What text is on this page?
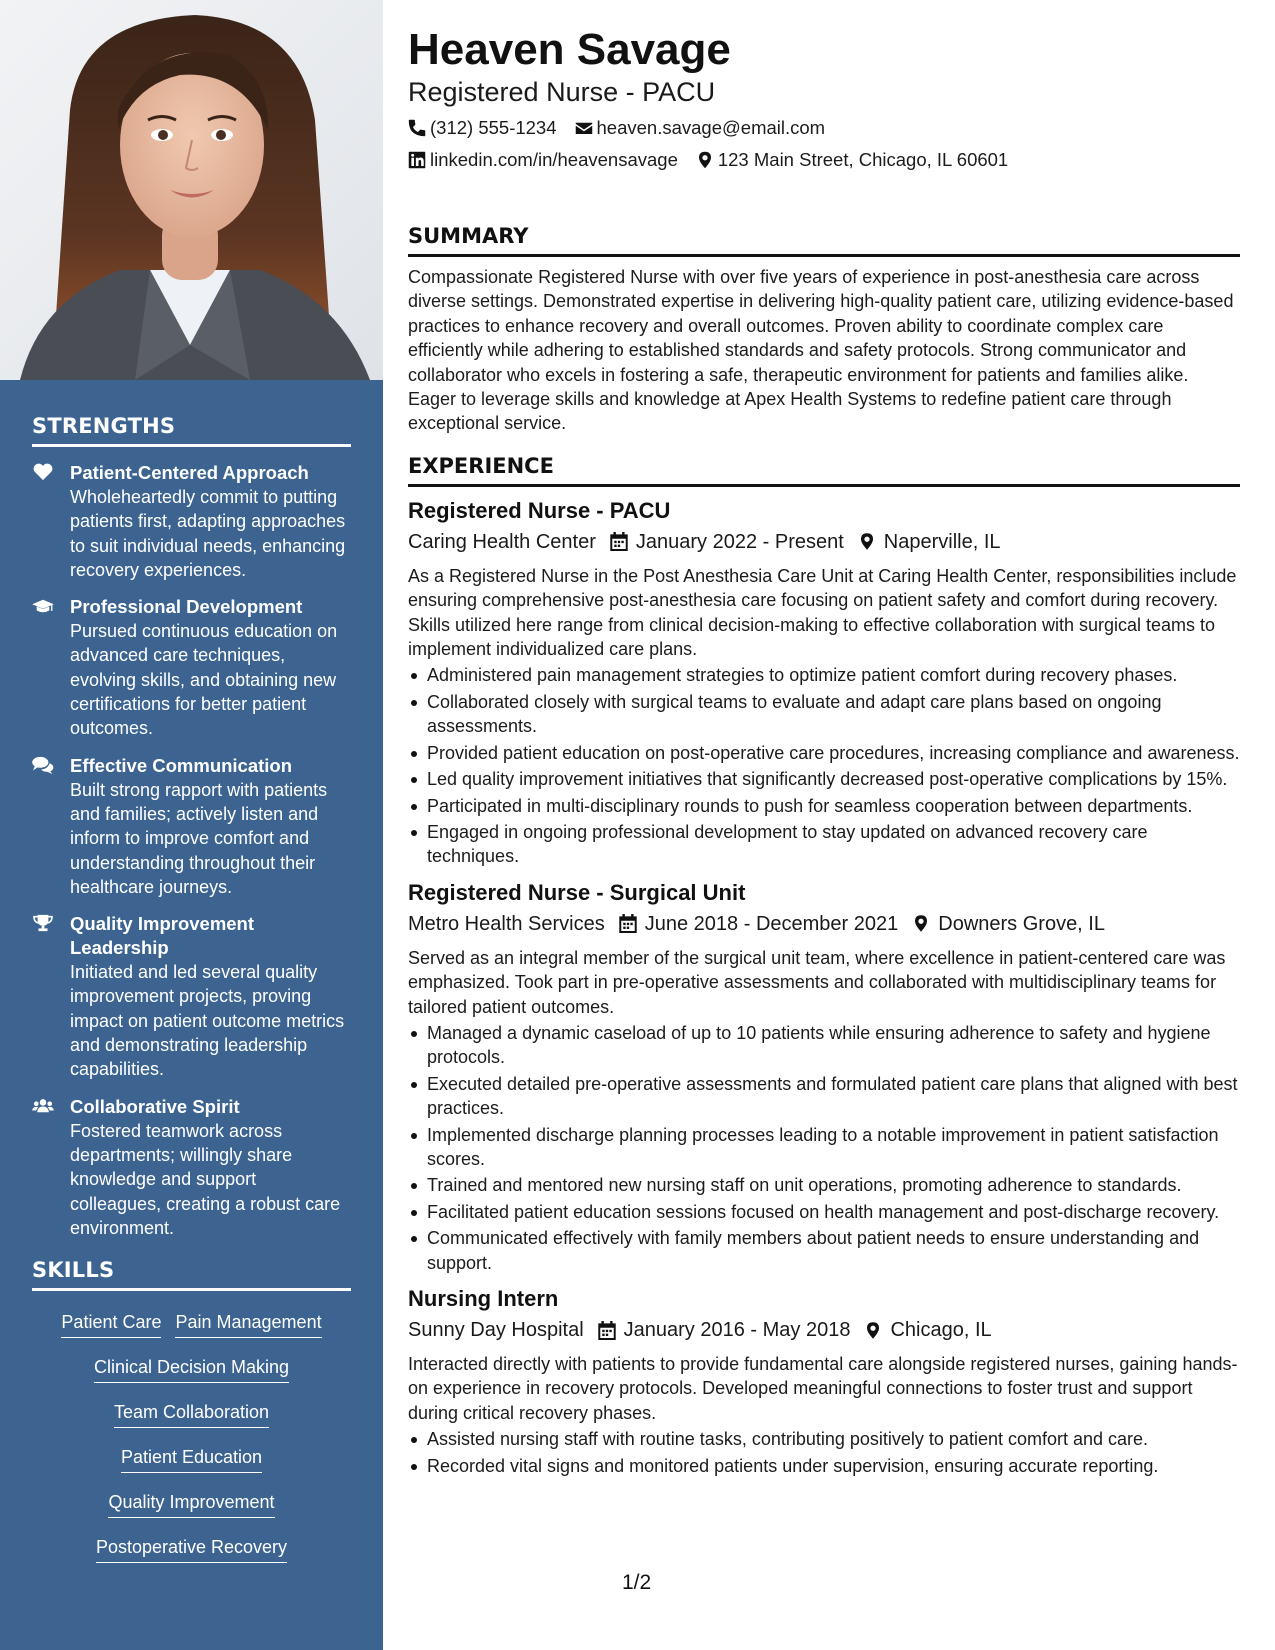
STRENGTHS
Patient-Centered Approach
Wholeheartedly commit to putting patients first, adapting approaches to suit individual needs, enhancing recovery experiences.
Professional Development
Pursued continuous education on advanced care techniques, evolving skills, and obtaining new certifications for better patient outcomes.
Effective Communication
Built strong rapport with patients and families; actively listen and inform to improve comfort and understanding throughout their healthcare journeys.
Quality Improvement Leadership
Initiated and led several quality improvement projects, proving impact on patient outcome metrics and demonstrating leadership capabilities.
Collaborative Spirit
Fostered teamwork across departments; willingly share knowledge and support colleagues, creating a robust care environment.
SKILLS
Patient Care Pain Management
Clinical Decision Making
Team Collaboration
Patient Education
Quality Improvement
Postoperative Recovery
Heaven Savage
Registered Nurse - PACU
(312) 555-1234 heaven.savage@email.com
linkedin.com/in/heavensavage 123 Main Street, Chicago, IL 60601
SUMMARY

Compassionate Registered Nurse with over five years of experience in post-anesthesia care across diverse settings. Demonstrated expertise in delivering high-quality patient care, utilizing evidence-based practices to enhance recovery and overall outcomes. Proven ability to coordinate complex care efficiently while adhering to established standards and safety protocols. Strong communicator and collaborator who excels in fostering a safe, therapeutic environment for patients and families alike. Eager to leverage skills and knowledge at Apex Health Systems to redefine patient care through exceptional service.

EXPERIENCE
Registered Nurse - PACU
Caring Health Center January 2022 - Present Naperville, IL

As a Registered Nurse in the Post Anesthesia Care Unit at Caring Health Center, responsibilities include ensuring comprehensive post-anesthesia care focusing on patient safety and comfort during recovery. Skills utilized here range from clinical decision-making to effective collaboration with surgical teams to implement individualized care plans.

Administered pain management strategies to optimize patient comfort during recovery phases.
Collaborated closely with surgical teams to evaluate and adapt care plans based on ongoing assessments.
Provided patient education on post-operative care procedures, increasing compliance and awareness.
Led quality improvement initiatives that significantly decreased post-operative complications by 15%.
Participated in multi-disciplinary rounds to push for seamless cooperation between departments.
Engaged in ongoing professional development to stay updated on advanced recovery care techniques.
Registered Nurse - Surgical Unit
Metro Health Services June 2018 - December 2021 Downers Grove, IL

Served as an integral member of the surgical unit team, where excellence in patient-centered care was emphasized. Took part in pre-operative assessments and collaborated with multidisciplinary teams for tailored patient outcomes.

Managed a dynamic caseload of up to 10 patients while ensuring adherence to safety and hygiene protocols.
Executed detailed pre-operative assessments and formulated patient care plans that aligned with best practices.
Implemented discharge planning processes leading to a notable improvement in patient satisfaction scores.
Trained and mentored new nursing staff on unit operations, promoting adherence to standards.
Facilitated patient education sessions focused on health management and post-discharge recovery.
Communicated effectively with family members about patient needs to ensure understanding and support.
Nursing Intern
Sunny Day Hospital January 2016 - May 2018 Chicago, IL

Interacted directly with patients to provide fundamental care alongside registered nurses, gaining hands-on experience in recovery protocols. Developed meaningful connections to foster trust and support during critical recovery phases.

Assisted nursing staff with routine tasks, contributing positively to patient comfort and care.
Recorded vital signs and monitored patients under supervision, ensuring accurate reporting.
1/2
